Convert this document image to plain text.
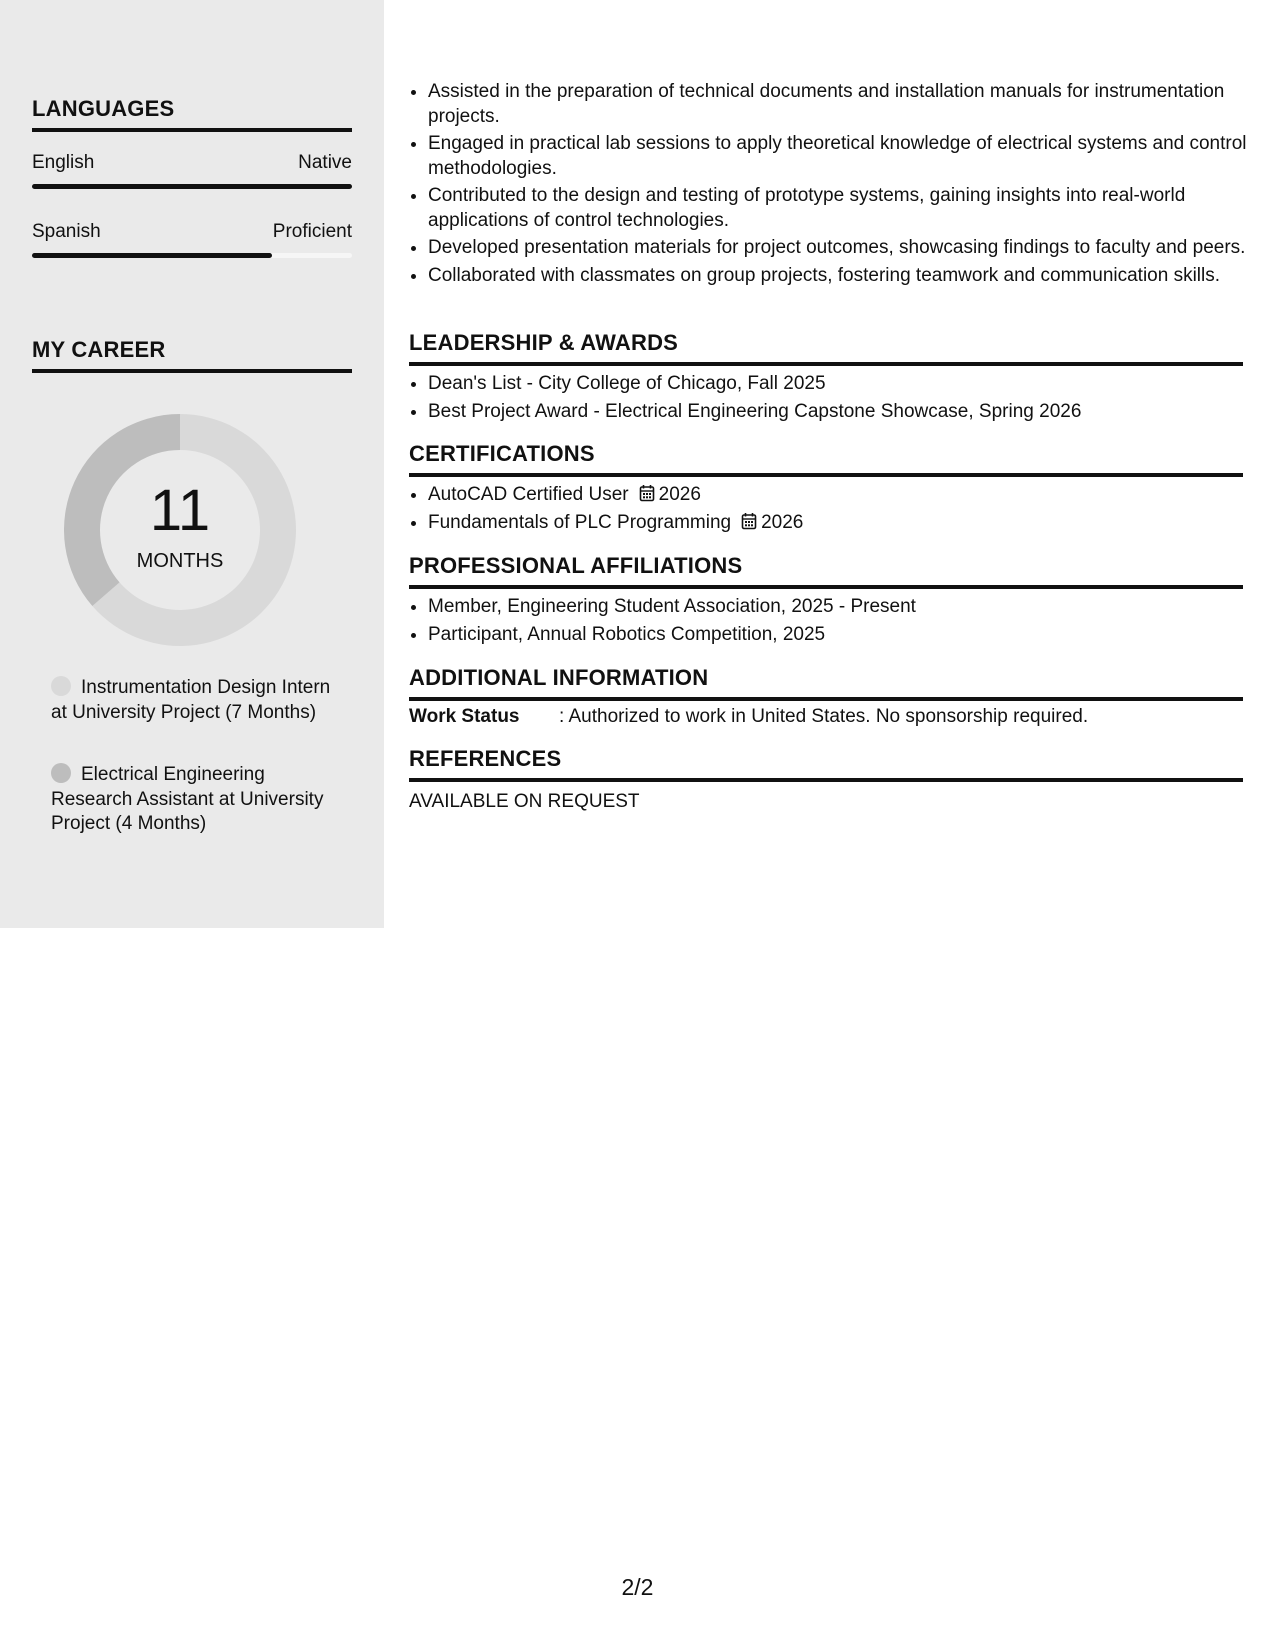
LANGUAGES
English	Native
Spanish	Proficient
MY CAREER
11
MONTHS
Instrumentation Design Intern at University Project (7 Months)
Electrical Engineering Research Assistant at University Project (4 Months)
• Assisted in the preparation of technical documents and installation manuals for instrumentation projects.
• Engaged in practical lab sessions to apply theoretical knowledge of electrical systems and control methodologies.
• Contributed to the design and testing of prototype systems, gaining insights into real-world applications of control technologies.
• Developed presentation materials for project outcomes, showcasing findings to faculty and peers.
• Collaborated with classmates on group projects, fostering teamwork and communication skills.
LEADERSHIP & AWARDS
• Dean's List - City College of Chicago, Fall 2025
• Best Project Award - Electrical Engineering Capstone Showcase, Spring 2026
CERTIFICATIONS
• AutoCAD Certified User 2026
• Fundamentals of PLC Programming 2026
PROFESSIONAL AFFILIATIONS
• Member, Engineering Student Association, 2025 - Present
• Participant, Annual Robotics Competition, 2025
ADDITIONAL INFORMATION
Work Status : Authorized to work in United States. No sponsorship required.
REFERENCES
AVAILABLE ON REQUEST
2/2
